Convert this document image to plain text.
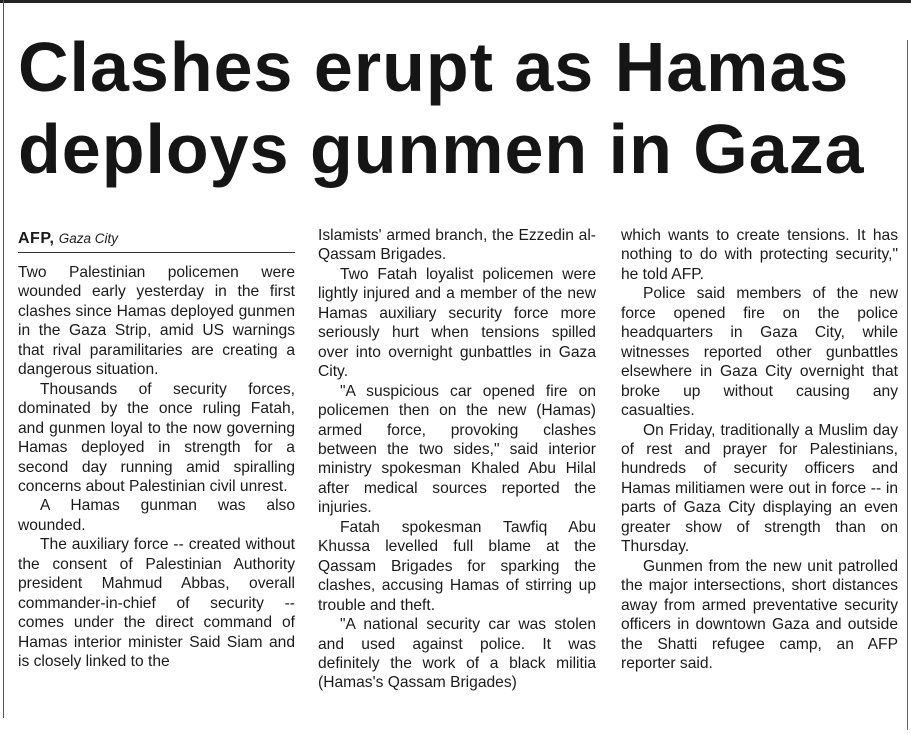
Clashes erupt as Hamas deploys gunmen in Gaza
AFP, Gaza City

Two Palestinian policemen were wounded early yesterday in the first clashes since Hamas deployed gunmen in the Gaza Strip, amid US warnings that rival paramilitaries are creating a dangerous situation.

Thousands of security forces, dominated by the once ruling Fatah, and gunmen loyal to the now governing Hamas deployed in strength for a second day running amid spiralling concerns about Palestinian civil unrest.

A Hamas gunman was also wounded.

The auxiliary force -- created without the consent of Palestinian Authority president Mahmud Abbas, overall commander-in-chief of security -- comes under the direct command of Hamas interior minister Said Siam and is closely linked to the

Islamists' armed branch, the Ezzedin al-Qassam Brigades.

Two Fatah loyalist policemen were lightly injured and a member of the new Hamas auxiliary security force more seriously hurt when tensions spilled over into overnight gunbattles in Gaza City.

"A suspicious car opened fire on policemen then on the new (Hamas) armed force, provoking clashes between the two sides," said interior ministry spokesman Khaled Abu Hilal after medical sources reported the injuries.

Fatah spokesman Tawfiq Abu Khussa levelled full blame at the Qassam Brigades for sparking the clashes, accusing Hamas of stirring up trouble and theft.

"A national security car was stolen and used against police. It was definitely the work of a black militia (Hamas's Qassam Brigades)

which wants to create tensions. It has nothing to do with protecting security," he told AFP.

Police said members of the new force opened fire on the police headquarters in Gaza City, while witnesses reported other gunbattles elsewhere in Gaza City overnight that broke up without causing any casualties.

On Friday, traditionally a Muslim day of rest and prayer for Palestinians, hundreds of security officers and Hamas militiamen were out in force -- in parts of Gaza City displaying an even greater show of strength than on Thursday.

Gunmen from the new unit patrolled the major intersections, short distances away from armed preventative security officers in downtown Gaza and outside the Shatti refugee camp, an AFP reporter said.
